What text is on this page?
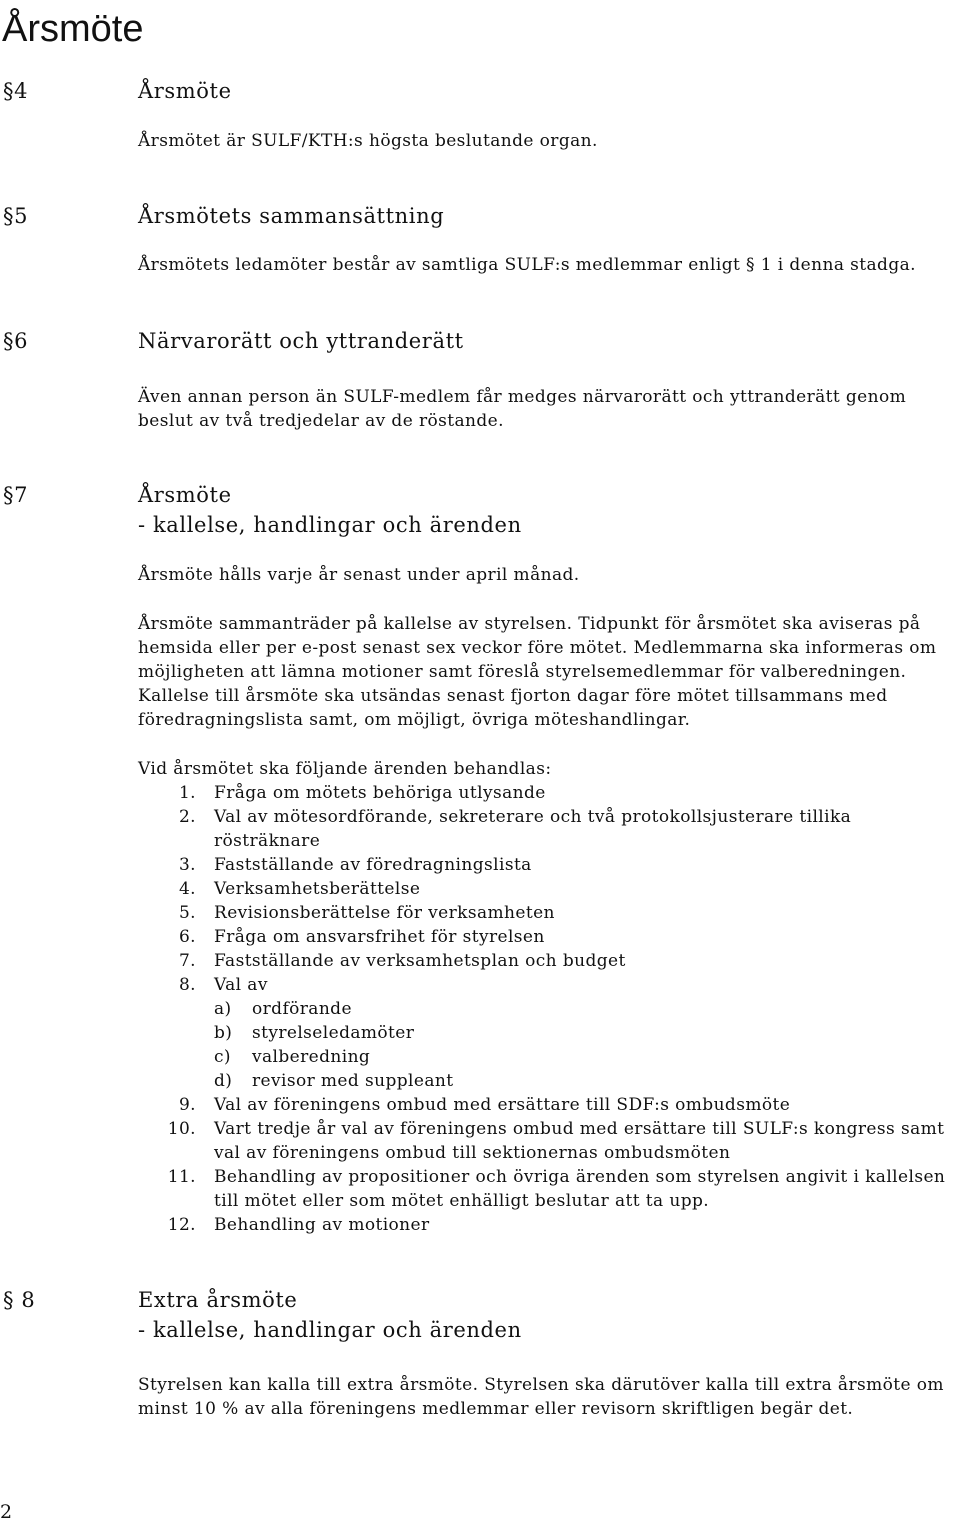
Årsmöte
§4	Årsmöte

Årsmötet är SULF/KTH:s högsta beslutande organ.

§5	Årsmötets sammansättning

Årsmötets ledamöter består av samtliga SULF:s medlemmar enligt § 1 i denna stadga.

§6	Närvarorätt och yttranderätt

Även annan person än SULF-medlem får medges närvarorätt och yttranderätt genom beslut av två tredjedelar av de röstande.

§7	Årsmöte
- kallelse, handlingar och ärenden

Årsmöte hålls varje år senast under april månad.

Årsmöte sammanträder på kallelse av styrelsen. Tidpunkt för årsmötet ska aviseras på hemsida eller per e-post senast sex veckor före mötet. Medlemmarna ska informeras om möjligheten att lämna motioner samt föreslå styrelsemedlemmar för valberedningen. Kallelse till årsmöte ska utsändas senast fjorton dagar före mötet tillsammans med föredragningslista samt, om möjligt, övriga möteshandlingar.

Vid årsmötet ska följande ärenden behandlas:
1. Fråga om mötets behöriga utlysande
2. Val av mötesordförande, sekreterare och två protokollsjusterare tillika rösträknare
3. Fastställande av föredragningslista
4. Verksamhetsberättelse
5. Revisionsberättelse för verksamheten
6. Fråga om ansvarsfrihet för styrelsen
7. Fastställande av verksamhetsplan och budget
8. Val av
a) ordförande
b) styrelseledamöter
c) valberedning
d) revisor med suppleant
9. Val av föreningens ombud med ersättare till SDF:s ombudsmöte
10. Vart tredje år val av föreningens ombud med ersättare till SULF:s kongress samt val av föreningens ombud till sektionernas ombudsmöten
11. Behandling av propositioner och övriga ärenden som styrelsen angivit i kallelsen till mötet eller som mötet enhälligt beslutar att ta upp.
12. Behandling av motioner
§ 8	Extra årsmöte
- kallelse, handlingar och ärenden

Styrelsen kan kalla till extra årsmöte. Styrelsen ska därutöver kalla till extra årsmöte om minst 10 % av alla föreningens medlemmar eller revisorn skriftligen begär det.

2
